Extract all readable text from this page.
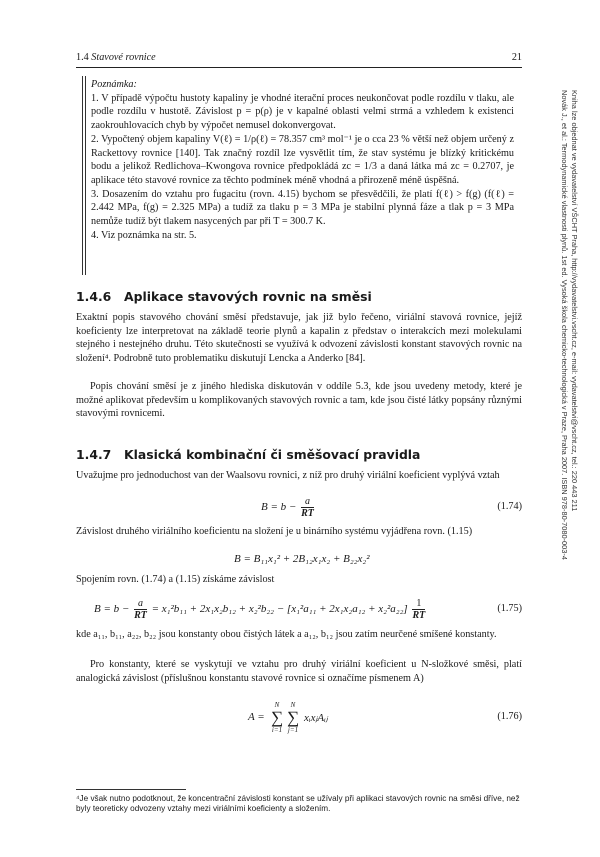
1.4 Stavové rovnice	21

Poznámka:

1. V případě výpočtu hustoty kapaliny je vhodné iterační proces neukončovat podle rozdílu v tlaku, ale podle rozdílu v hustotě. Závislost p = p(ρ) je v kapalné oblasti velmi strmá a vzhledem k existenci zaokrouhlovacích chyb by výpočet nemusel dokonvergovat.

2. Vypočtený objem kapaliny V(ℓ) = 1/ρ(ℓ) = 78.357 cm³ mol⁻¹ je o cca 23 % větší než objem určený z Rackettovy rovnice [140]. Tak značný rozdíl lze vysvětlit tím, že stav systému je blízký kritickému bodu a jelikož Redlichova–Kwongova rovnice předpokládá zc = 1/3 a daná látka má zc = 0.2707, je aplikace této stavové rovnice za těchto podmínek méně vhodná a přirozeně méně úspěšná.

3. Dosazením do vztahu pro fugacitu (rovn. 4.15) bychom se přesvědčili, že platí f(ℓ) > f(g) (f(ℓ) = 2.442 MPa, f(g) = 2.325 MPa) a tudíž za tlaku p = 3 MPa je stabilní plynná fáze a tlak p = 3 MPa nemůže tudíž být tlakem nasycených par při T = 300.7 K.

4. Viz poznámka na str. 5.

1.4.6 Aplikace stavových rovnic na směsi

Exaktní popis stavového chování směsí představuje, jak již bylo řečeno, viriální stavová rovnice, jejíž koeficienty lze interpretovat na základě teorie plynů a kapalin z představ o interakcích mezi molekulami stejného i nestejného druhu. Této skutečnosti se využívá k odvození závislosti konstant stavových rovnic na složení⁴. Podrobně tuto problematiku diskutují Lencka a Anderko [84].

Popis chování směsí je z jiného hlediska diskutován v oddíle 5.3, kde jsou uvedeny metody, které je možné aplikovat především u komplikovaných stavových rovnic a tam, kde jsou čisté látky popsány různými stavovými rovnicemi.

1.4.7 Klasická kombinační či směšovací pravidla

Uvažujme pro jednoduchost van der Waalsovu rovnici, z níž pro druhý viriální koeficient vyplývá vztah

$B = b - \frac{a}{RT}$	(1.74)

Závislost druhého viriálního koeficientu na složení je u binárního systému vyjádřena rovn. (1.15)

B = B₁₁x₁² + 2B₁₂x₁x₂ + B₂₂x₂²

Spojením rovn. (1.74) a (1.15) získáme závislost

$B = b - \frac{a}{RT} = x_1^2b_{11} + 2x_1x_2b_{12} + x_2^2b_{22} - [x_1^2a_{11} + 2x_1x_2a_{12} + x_2^2a_{22}] \frac{1}{RT}$	(1.75)

kde a₁₁, b₁₁, a₂₂, b₂₂ jsou konstanty obou čistých látek a a₁₂, b₁₂ jsou zatím neurčené smíšené konstanty.

Pro konstanty, které se vyskytují ve vztahu pro druhý viriální koeficient u N-složkové směsi, platí analogická závislost (příslušnou konstantu stavové rovnice si označíme písmenem A)

A =
N
∑
i=1
N
∑
j=1
xᵢxⱼAᵢⱼ	(1.76)

⁴Je však nutno podotknout, že koncentrační závislosti konstant se užívaly při aplikaci stavových rovnic na směsi dříve, než byly teoreticky odvozeny vztahy mezi viriálními koeficienty a složením.

Novák J., et al.: Termodynamické vlastnosti plynů. 1st ed. Vysoká škola chemicko-technologická v Praze, Praha 2007. ISBN 978-80-7080-003-4 Kniha lze objednat ve vydavatelství VŠCHT Praha, http://vydavatelstvi.vscht.cz, e-mail: vydavatelstvi@vscht.cz, tel.: 220 443 211
